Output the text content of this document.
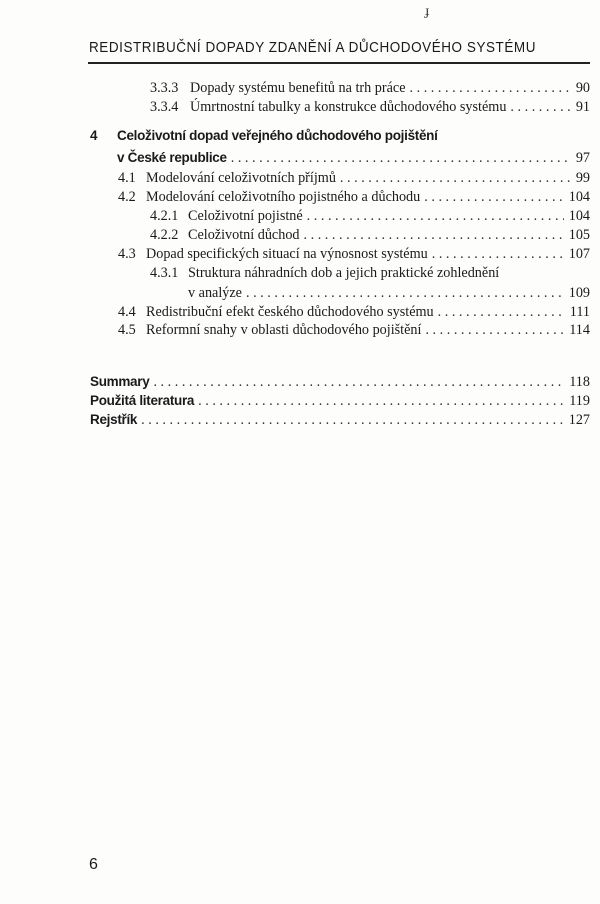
ɟ
REDISTRIBUČNÍ DOPADY ZDANĚNÍ A DŮCHODOVÉHO SYSTÉMU
3.3.3 Dopady systému benefitů na trh práce . . .	90
3.3.4 Úmrtnostní tabulky a konstrukce důchodového systému . . .	91
4	Celoživotní dopad veřejného důchodového pojištění
v České republice . . .	97
4.1 Modelování celoživotních příjmů . . .	99
4.2 Modelování celoživotního pojistného a důchodu . . .	104
4.2.1 Celoživotní pojistné . . .	104
4.2.2 Celoživotní důchod . . .	105
4.3 Dopad specifických situací na výnosnost systému . . .	107
4.3.1 Struktura náhradních dob a jejich praktické zohlednění
v analýze . . .	109
4.4 Redistribuční efekt českého důchodového systému . . .	111
4.5 Reformní snahy v oblasti důchodového pojištění . . .	114
Summary . . .	118
Použitá literatura . . .	119
Rejstřík . . .	127
6
